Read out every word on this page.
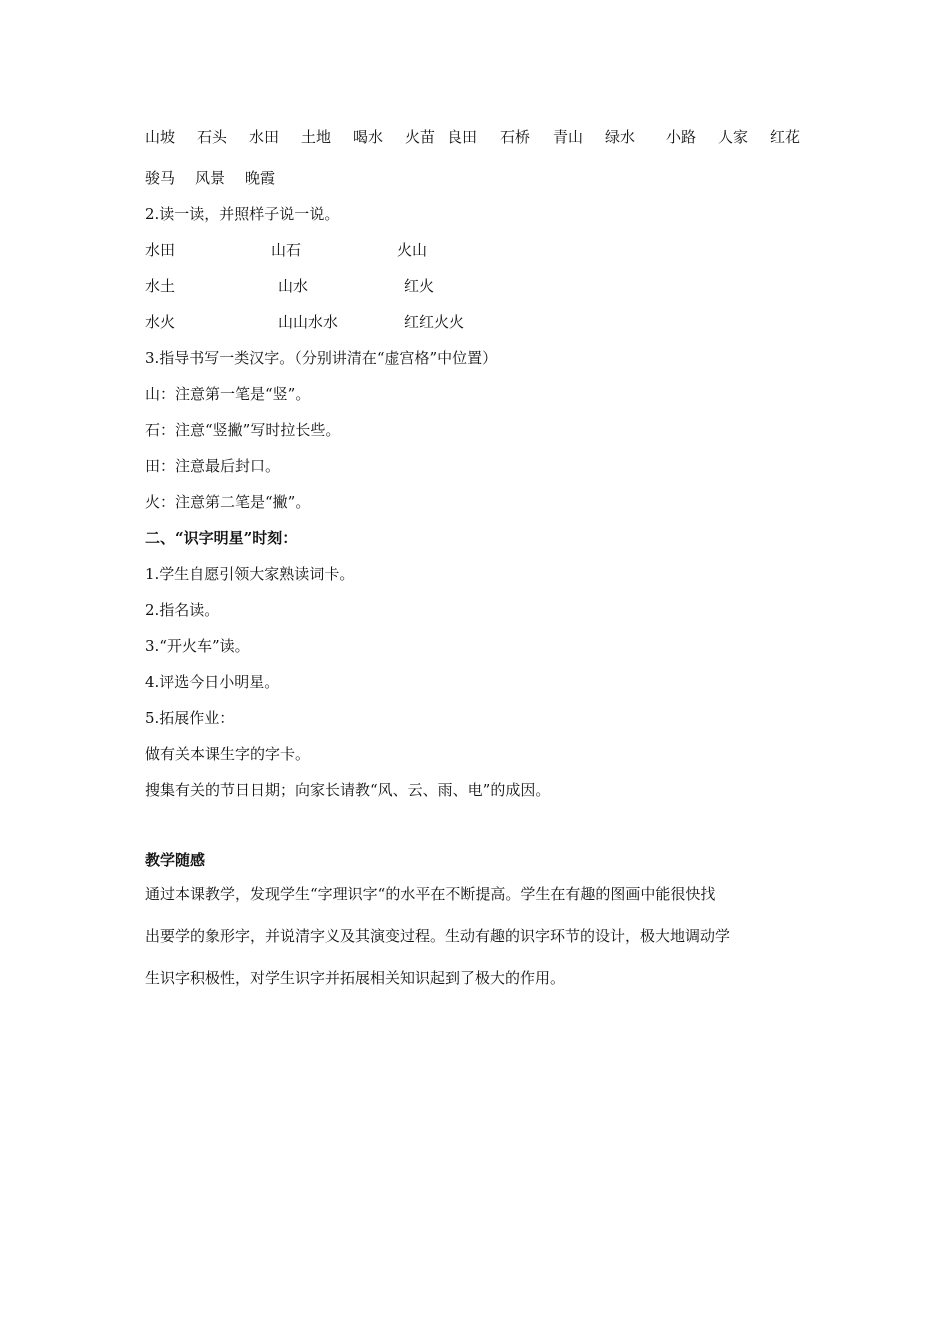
山坡 石头 水田 土地 喝水 火苗 良田 石桥 青山 绿水 小路 人家 红花
骏马 风景 晚霞
2.读一读，并照样子说一说。
水田	山石	火山
水土	山水	红火
水火	山山水水	红红火火
3.指导书写一类汉字。（分别讲清在“虚宫格”中位置）
山：注意第一笔是“竖”。
石：注意“竖撇”写时拉长些。
田：注意最后封口。
火：注意第二笔是“撇”。
二、“识字明星”时刻：
1.学生自愿引领大家熟读词卡。
2.指名读。
3.“开火车”读。
4.评选今日小明星。
5.拓展作业：
做有关本课生字的字卡。
搜集有关的节日日期；向家长请教“风、云、雨、电”的成因。
教学随感
通过本课教学，发现学生“字理识字“的水平在不断提高。学生在有趣的图画中能很快找
出要学的象形字，并说清字义及其演变过程。生动有趣的识字环节的设计，极大地调动学
生识字积极性，对学生识字并拓展相关知识起到了极大的作用。
